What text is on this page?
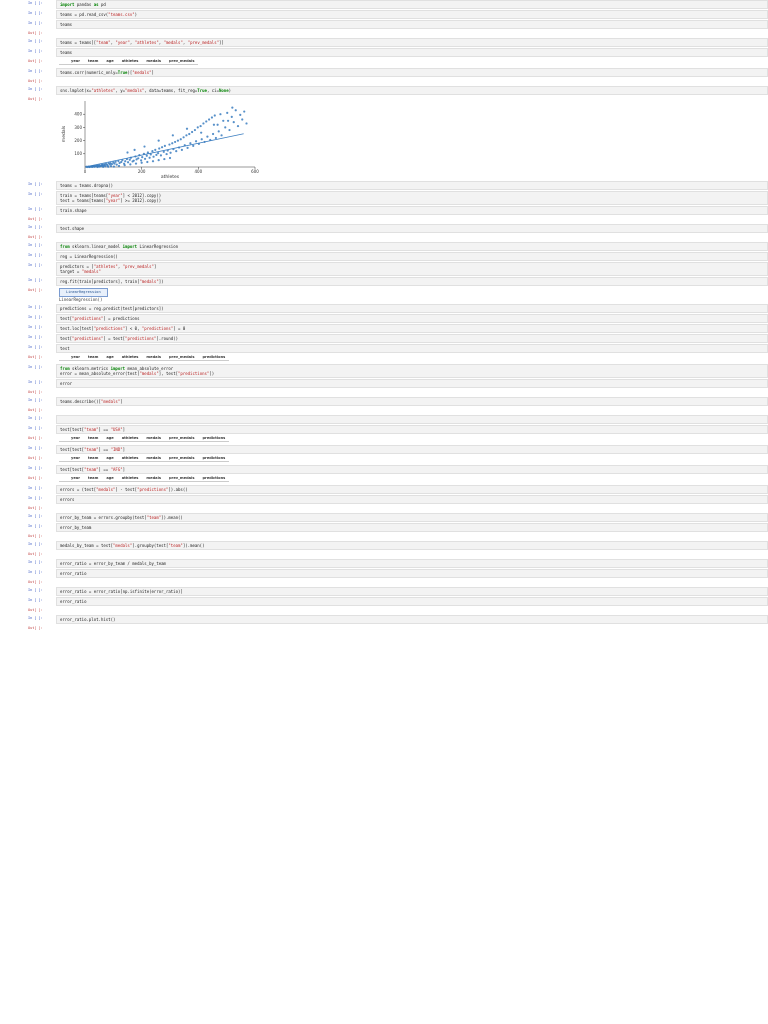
In [ ]:	import pandas as pd
In [ ]:	teams = pd.read_csv("teams.csv")
In [ ]:	teams
Out[ ]:
In [ ]:	teams = teams[["team", "year", "athletes", "medals", "prev_medals"]]
In [ ]:	teams
Out[ ]:
		year	team	age	athletes	medals	prev_medals
In [ ]:	teams.corr(numeric_only=True)["medals"]
Out[ ]:
In [ ]:	sns.lmplot(x="athletes", y="medals", data=teams, fit_reg=True, ci=None)
Out[ ]:
0	200	400	600
100
200
300
400
athletes
medals
In [ ]:	teams = teams.dropna()
In [ ]:	train = teams[teams["year"] < 2012].copy()
test = teams[teams["year"] >= 2012].copy()
In [ ]:	train.shape
Out[ ]:
In [ ]:	test.shape
Out[ ]:
In [ ]:	from sklearn.linear_model import LinearRegression
In [ ]:	reg = LinearRegression()
In [ ]:	predictors = ["athletes", "prev_medals"]
target = "medals"
In [ ]:	reg.fit(train[predictors], train["medals"])
Out[ ]:	LinearRegression
LinearRegression()
In [ ]:	predictions = reg.predict(test[predictors])
In [ ]:	test["predictions"] = predictions
In [ ]:	test.loc[test["predictions"] < 0, "predictions"] = 0
In [ ]:	test["predictions"] = test["predictions"].round()
In [ ]:	test
Out[ ]:
		year	team	age	athletes	medals	prev_medals	predictions
In [ ]:	from sklearn.metrics import mean_absolute_error
error = mean_absolute_error(test["medals"], test["predictions"])
In [ ]:	error
Out[ ]:
In [ ]:	teams.describe()["medals"]
Out[ ]:
In [ ]:
In [ ]:	test[test["team"] == "USA"]
Out[ ]:
		year	team	age	athletes	medals	prev_medals	predictions
In [ ]:	test[test["team"] == "IND"]
Out[ ]:
		year	team	age	athletes	medals	prev_medals	predictions
In [ ]:	test[test["team"] == "AFG"]
Out[ ]:
		year	team	age	athletes	medals	prev_medals	predictions
In [ ]:	errors = (test["medals"] - test["predictions"]).abs()
In [ ]:	errors
Out[ ]:
In [ ]:	error_by_team = errors.groupby(test["team"]).mean()
In [ ]:	error_by_team
Out[ ]:
In [ ]:	medals_by_team = test["medals"].groupby(test["team"]).mean()
Out[ ]:
In [ ]:	error_ratio = error_by_team / medals_by_team
In [ ]:	error_ratio
Out[ ]:
In [ ]:	error_ratio = error_ratio[np.isfinite(error_ratio)]
In [ ]:	error_ratio
Out[ ]:
In [ ]:	error_ratio.plot.hist()
Out[ ]:
